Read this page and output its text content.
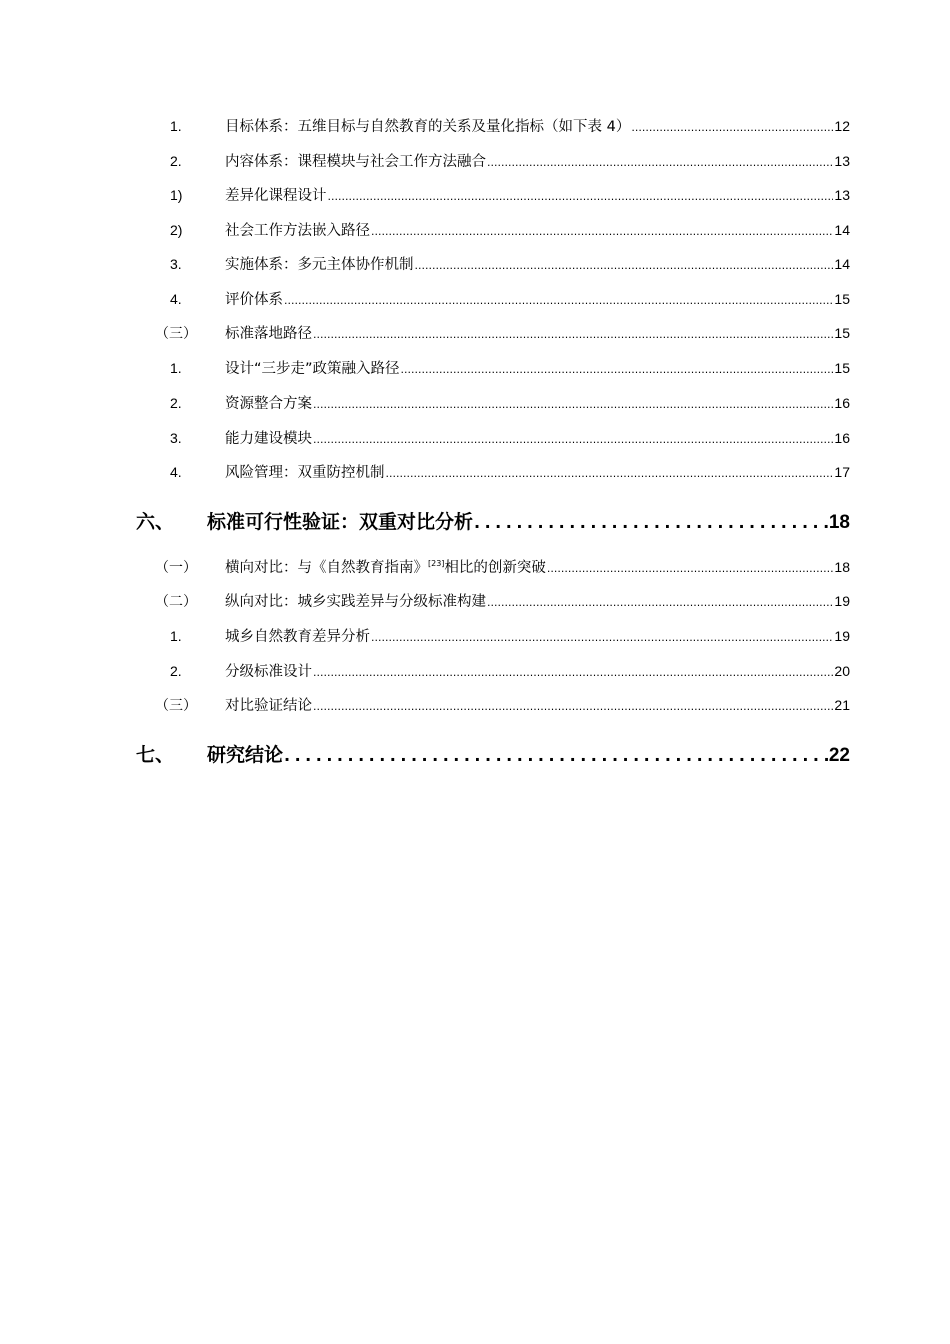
1.	目标体系：五维目标与自然教育的关系及量化指标（如下表 4） .....	12
2.	内容体系：课程模块与社会工作方法融合 .....	13
1)	差异化课程设计 .....	13
2)	社会工作方法嵌入路径 .....	14
3.	实施体系：多元主体协作机制 .....	14
4.	评价体系 .....	15
（三） 标准落地路径 .....	15
1.	设计“三步走”政策融入路径 .....	15
2.	资源整合方案 .....	16
3.	能力建设模块 .....	16
4.	风险管理：双重防控机制 .....	17
六、 标准可行性验证：双重对比分析 .....	18
（一） 横向对比：与《自然教育指南》[23]相比的创新突破 .....	18
（二） 纵向对比：城乡实践差异与分级标准构建 .....	19
1.	城乡自然教育差异分析 .....	19
2.	分级标准设计 .....	20
（三） 对比验证结论 .....	21
七、 研究结论 .....	22
